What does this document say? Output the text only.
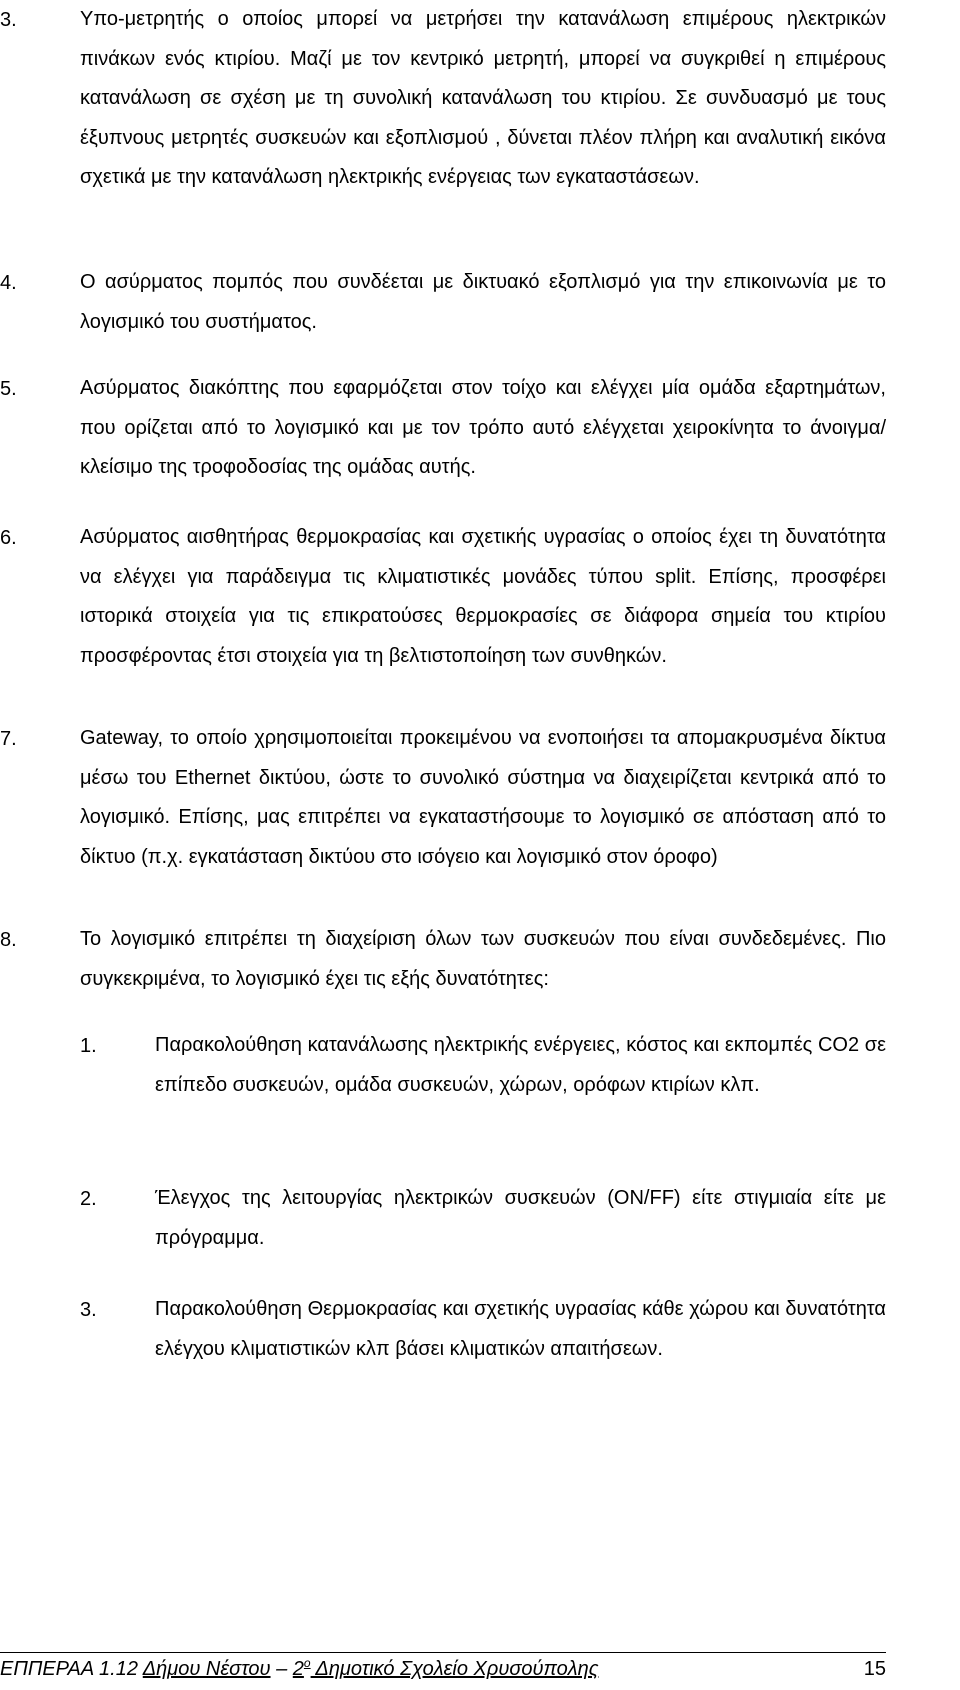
3.	Υπο-μετρητής ο οποίος μπορεί να μετρήσει την κατανάλωση επιμέρους ηλεκτρικών πινάκων ενός κτιρίου. Μαζί με τον κεντρικό μετρητή, μπορεί να συγκριθεί η επιμέρους κατανάλωση σε σχέση με τη συνολική κατανάλωση του κτιρίου. Σε συνδυασμό με τους έξυπνους μετρητές συσκευών και εξοπλισμού , δύνεται πλέον πλήρη και αναλυτική εικόνα σχετικά με την κατανάλωση ηλεκτρικής ενέργειας των εγκαταστάσεων.
4.	Ο ασύρματος πομπός που συνδέεται με δικτυακό εξοπλισμό για την επικοινωνία με το λογισμικό του συστήματος.
5.	Ασύρματος διακόπτης που εφαρμόζεται στον τοίχο και ελέγχει μία ομάδα εξαρτημάτων, που ορίζεται από το λογισμικό και με τον τρόπο αυτό ελέγχεται χειροκίνητα το άνοιγμα/κλείσιμο της τροφοδοσίας της ομάδας αυτής.
6.	Ασύρματος αισθητήρας θερμοκρασίας και σχετικής υγρασίας ο οποίος έχει τη δυνατότητα να ελέγχει για παράδειγμα τις κλιματιστικές μονάδες τύπου split. Επίσης, προσφέρει ιστορικά στοιχεία για τις επικρατούσες θερμοκρασίες σε διάφορα σημεία του κτιρίου προσφέροντας έτσι στοιχεία για τη βελτιστοποίηση των συνθηκών.
7.	Gateway, το οποίο χρησιμοποιείται προκειμένου να ενοποιήσει τα απομακρυσμένα δίκτυα μέσω του Ethernet δικτύου, ώστε το συνολικό σύστημα να διαχειρίζεται κεντρικά από το λογισμικό. Επίσης, μας επιτρέπει να εγκαταστήσουμε το λογισμικό σε απόσταση από το δίκτυο (π.χ. εγκατάσταση δικτύου στο ισόγειο και λογισμικό στον όροφο)
8.	Το λογισμικό επιτρέπει τη διαχείριση όλων των συσκευών που είναι συνδεδεμένες. Πιο συγκεκριμένα, το λογισμικό έχει τις εξής δυνατότητες:
1.	Παρακολούθηση κατανάλωσης ηλεκτρικής ενέργειες, κόστος και εκπομπές CO2 σε επίπεδο συσκευών, ομάδα συσκευών, χώρων, ορόφων κτιρίων κλπ.
2.	Έλεγχος της λειτουργίας ηλεκτρικών συσκευών (ON/FF) είτε στιγμιαία είτε με πρόγραμμα.
3.	Παρακολούθηση Θερμοκρασίας και σχετικής υγρασίας κάθε χώρου και δυνατότητα ελέγχου κλιματιστικών κλπ βάσει κλιματικών απαιτήσεων.
ΕΠΠΕΡΑΑ 1.12 Δήμου Νέστου – $2^o$ Δημοτικό Σχολείο Χρυσούπολης	15
